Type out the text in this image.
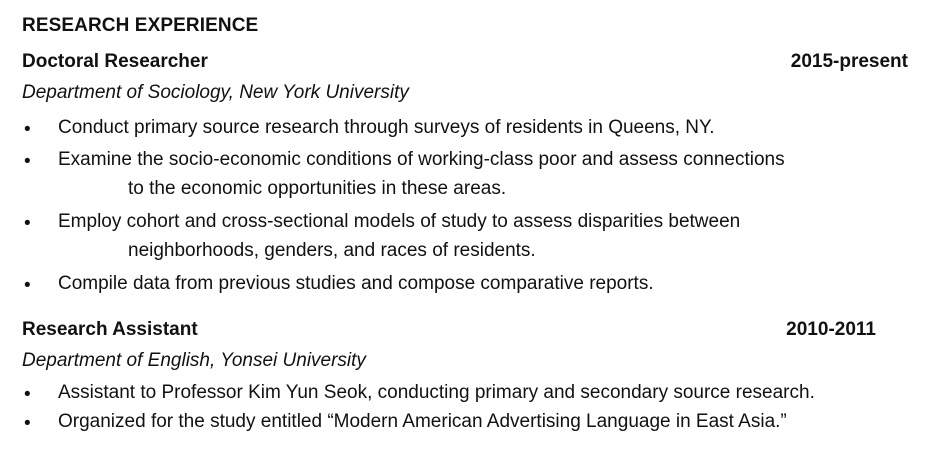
RESEARCH EXPERIENCE
Doctoral Researcher	2015-present
Department of Sociology, New York University
• Conduct primary source research through surveys of residents in Queens, NY.
• Examine the socio-economic conditions of working-class poor and assess connections
to the economic opportunities in these areas.
• Employ cohort and cross-sectional models of study to assess disparities between
neighborhoods, genders, and races of residents.
• Compile data from previous studies and compose comparative reports.
Research Assistant	2010-2011
Department of English, Yonsei University
• Assistant to Professor Kim Yun Seok, conducting primary and secondary source research.
• Organized for the study entitled “Modern American Advertising Language in East Asia.”
